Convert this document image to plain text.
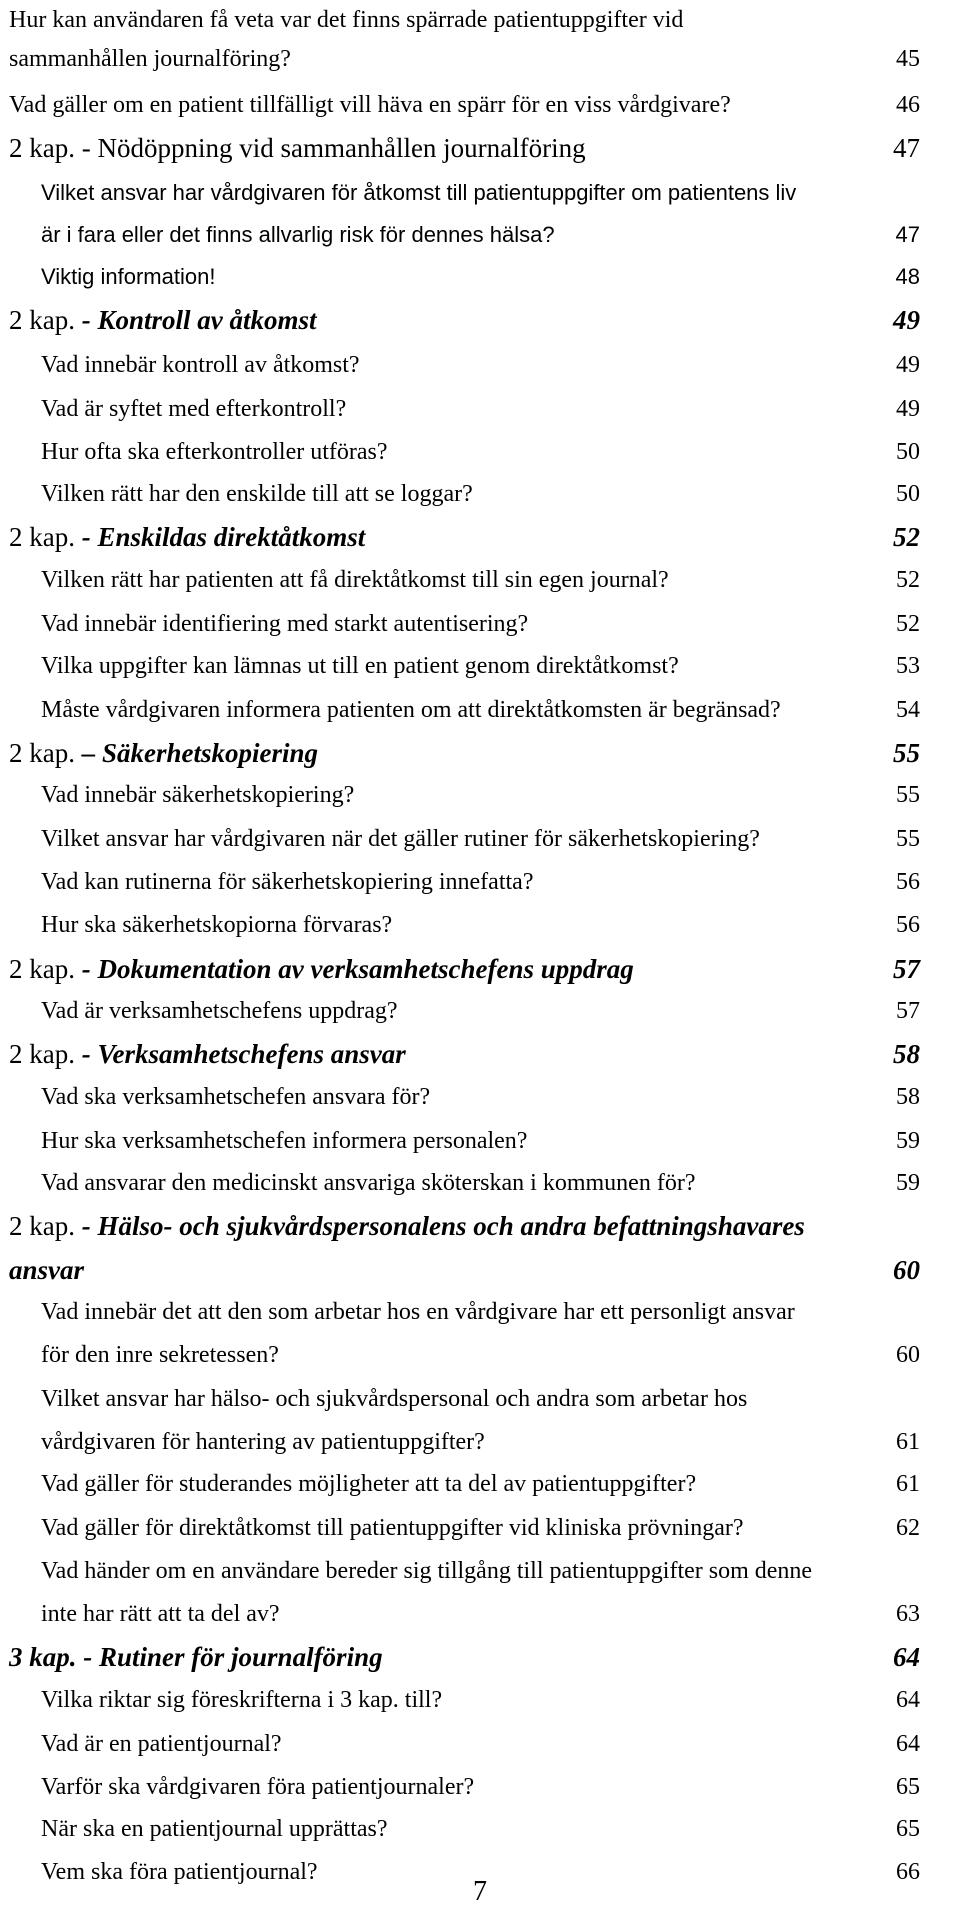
Hur kan användaren få veta var det finns spärrade patientuppgifter vid
sammanhållen journalföring?	45
Vad gäller om en patient tillfälligt vill häva en spärr för en viss vårdgivare?	46
2 kap. - Nödöppning vid sammanhållen journalföring	47
Vilket ansvar har vårdgivaren för åtkomst till patientuppgifter om patientens liv
är i fara eller det finns allvarlig risk för dennes hälsa?	47
Viktig information!	48
2 kap. - Kontroll av åtkomst	49
Vad innebär kontroll av åtkomst?	49
Vad är syftet med efterkontroll?	49
Hur ofta ska efterkontroller utföras?	50
Vilken rätt har den enskilde till att se loggar?	50
2 kap. - Enskildas direktåtkomst	52
Vilken rätt har patienten att få direktåtkomst till sin egen journal?	52
Vad innebär identifiering med starkt autentisering?	52
Vilka uppgifter kan lämnas ut till en patient genom direktåtkomst?	53
Måste vårdgivaren informera patienten om att direktåtkomsten är begränsad?	54
2 kap. – Säkerhetskopiering	55
Vad innebär säkerhetskopiering?	55
Vilket ansvar har vårdgivaren när det gäller rutiner för säkerhetskopiering?	55
Vad kan rutinerna för säkerhetskopiering innefatta?	56
Hur ska säkerhetskopiorna förvaras?	56
2 kap. - Dokumentation av verksamhetschefens uppdrag	57
Vad är verksamhetschefens uppdrag?	57
2 kap. - Verksamhetschefens ansvar	58
Vad ska verksamhetschefen ansvara för?	58
Hur ska verksamhetschefen informera personalen?	59
Vad ansvarar den medicinskt ansvariga sköterskan i kommunen för?	59
2 kap. - Hälso- och sjukvårdspersonalens och andra befattningshavares
ansvar	60
Vad innebär det att den som arbetar hos en vårdgivare har ett personligt ansvar
för den inre sekretessen?	60
Vilket ansvar har hälso- och sjukvårdspersonal och andra som arbetar hos
vårdgivaren för hantering av patientuppgifter?	61
Vad gäller för studerandes möjligheter att ta del av patientuppgifter?	61
Vad gäller för direktåtkomst till patientuppgifter vid kliniska prövningar?	62
Vad händer om en användare bereder sig tillgång till patientuppgifter som denne
inte har rätt att ta del av?	63
3 kap. - Rutiner för journalföring	64
Vilka riktar sig föreskrifterna i 3 kap. till?	64
Vad är en patientjournal?	64
Varför ska vårdgivaren föra patientjournaler?	65
När ska en patientjournal upprättas?	65
Vem ska föra patientjournal?	66
7
